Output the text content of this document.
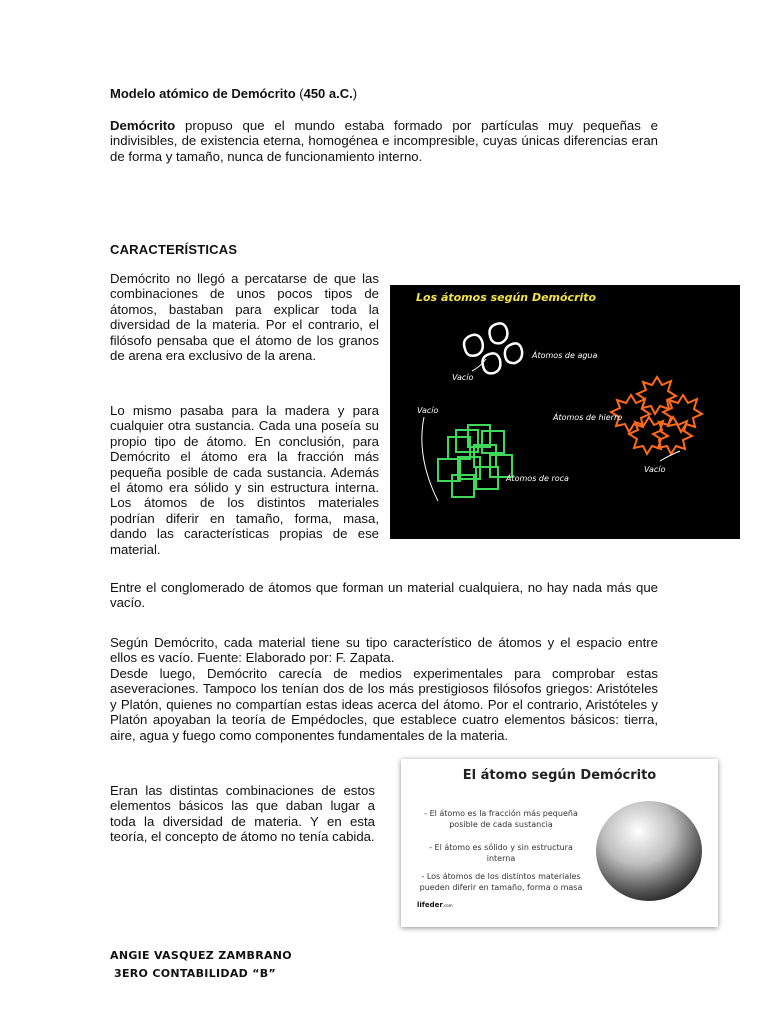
Modelo atómico de Demócrito (450 a.C.)

Demócrito propuso que el mundo estaba formado por partículas muy pequeñas e indivisibles, de existencia eterna, homogénea e incompresible, cuyas únicas diferencias eran de forma y tamaño, nunca de funcionamiento interno.

CARACTERÍSTICAS

Demócrito no llegó a percatarse de que las combinaciones de unos pocos tipos de átomos, bastaban para explicar toda la diversidad de la materia. Por el contrario, el filósofo pensaba que el átomo de los granos de arena era exclusivo de la arena.

Lo mismo pasaba para la madera y para cualquier otra sustancia. Cada una poseía su propio tipo de átomo. En conclusión, para Demócrito el átomo era la fracción más pequeña posible de cada sustancia. Además el átomo era sólido y sin estructura interna. Los átomos de los distintos materiales podrían diferir en tamaño, forma, masa, dando las características propias de ese material.

Los átomos según Demócrito
Átomos de agua
Vacío
Vacío
Átomos de roca
Átomos de hierro
Vacío

Entre el conglomerado de átomos que forman un material cualquiera, no hay nada más que vacío.

Según Demócrito, cada material tiene su tipo característico de átomos y el espacio entre ellos es vacío. Fuente: Elaborado por: F. Zapata.

Desde luego, Demócrito carecía de medios experimentales para comprobar estas aseveraciones. Tampoco los tenían dos de los más prestigiosos filósofos griegos: Aristóteles y Platón, quienes no compartían estas ideas acerca del átomo. Por el contrario, Aristóteles y Platón apoyaban la teoría de Empédocles, que establece cuatro elementos básicos: tierra, aire, agua y fuego como componentes fundamentales de la materia.

Eran las distintas combinaciones de estos elementos básicos las que daban lugar a toda la diversidad de materia. Y en esta teoría, el concepto de átomo no tenía cabida.

El átomo según Demócrito
- El átomo es la fracción más pequeña
posible de cada sustancia
- El átomo es sólido y sin estructura
interna
- Los átomos de los distintos materiales
pueden diferir en tamaño, forma o masa
lifeder.com
ANGIE VASQUEZ ZAMBRANO
3ERO CONTABILIDAD “B”
